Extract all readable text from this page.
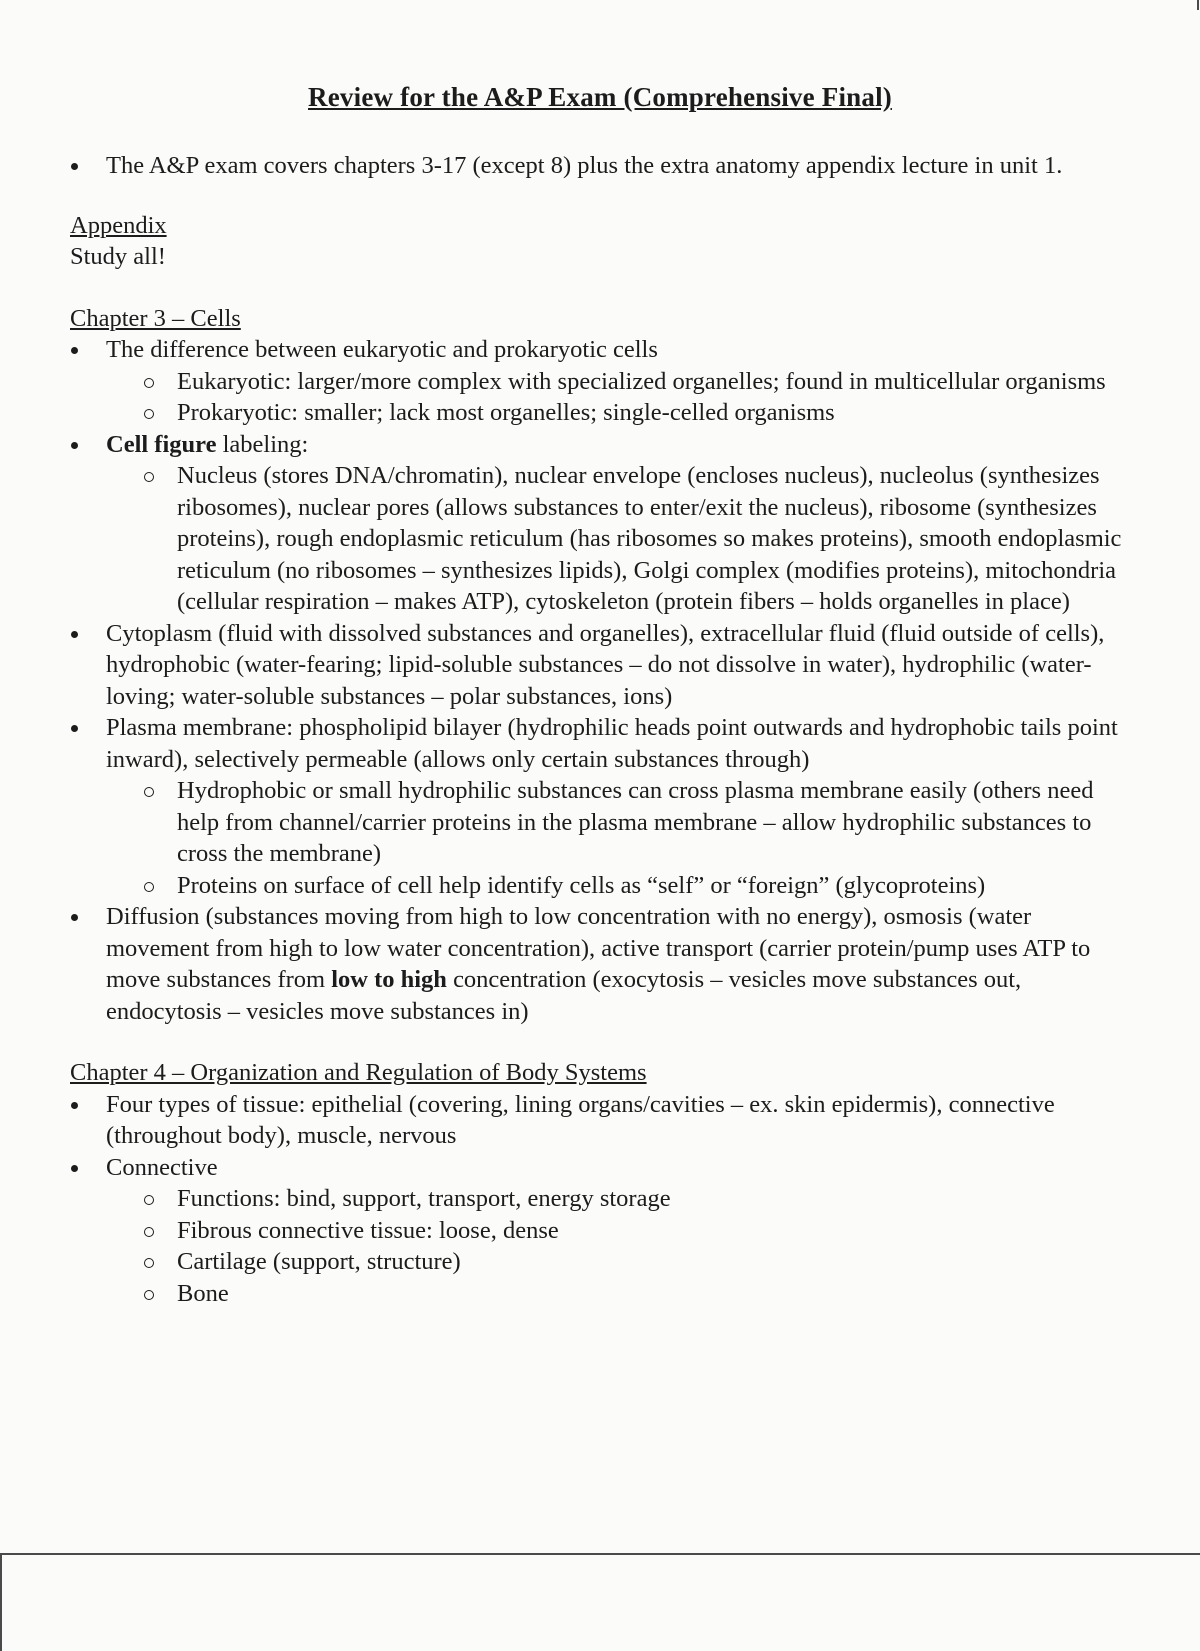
Review for the A&P Exam (Comprehensive Final)
The A&P exam covers chapters 3-17 (except 8) plus the extra anatomy appendix lecture in unit 1.

Appendix

Study all!

Chapter 3 – Cells

The difference between eukaryotic and prokaryotic cells
Eukaryotic: larger/more complex with specialized organelles; found in multicellular organisms
Prokaryotic: smaller; lack most organelles; single-celled organisms
Cell figure labeling:
Nucleus (stores DNA/chromatin), nuclear envelope (encloses nucleus), nucleolus (synthesizes ribosomes), nuclear pores (allows substances to enter/exit the nucleus), ribosome (synthesizes proteins), rough endoplasmic reticulum (has ribosomes so makes proteins), smooth endoplasmic reticulum (no ribosomes – synthesizes lipids), Golgi complex (modifies proteins), mitochondria (cellular respiration – makes ATP), cytoskeleton (protein fibers – holds organelles in place)
Cytoplasm (fluid with dissolved substances and organelles), extracellular fluid (fluid outside of cells), hydrophobic (water-fearing; lipid-soluble substances – do not dissolve in water), hydrophilic (water-loving; water-soluble substances – polar substances, ions)
Plasma membrane: phospholipid bilayer (hydrophilic heads point outwards and hydrophobic tails point inward), selectively permeable (allows only certain substances through)
Hydrophobic or small hydrophilic substances can cross plasma membrane easily (others need help from channel/carrier proteins in the plasma membrane – allow hydrophilic substances to cross the membrane)
Proteins on surface of cell help identify cells as “self” or “foreign” (glycoproteins)
Diffusion (substances moving from high to low concentration with no energy), osmosis (water movement from high to low water concentration), active transport (carrier protein/pump uses ATP to move substances from low to high concentration (exocytosis – vesicles move substances out, endocytosis – vesicles move substances in)

Chapter 4 – Organization and Regulation of Body Systems

Four types of tissue: epithelial (covering, lining organs/cavities – ex. skin epidermis), connective (throughout body), muscle, nervous
Connective
Functions: bind, support, transport, energy storage
Fibrous connective tissue: loose, dense
Cartilage (support, structure)
Bone
